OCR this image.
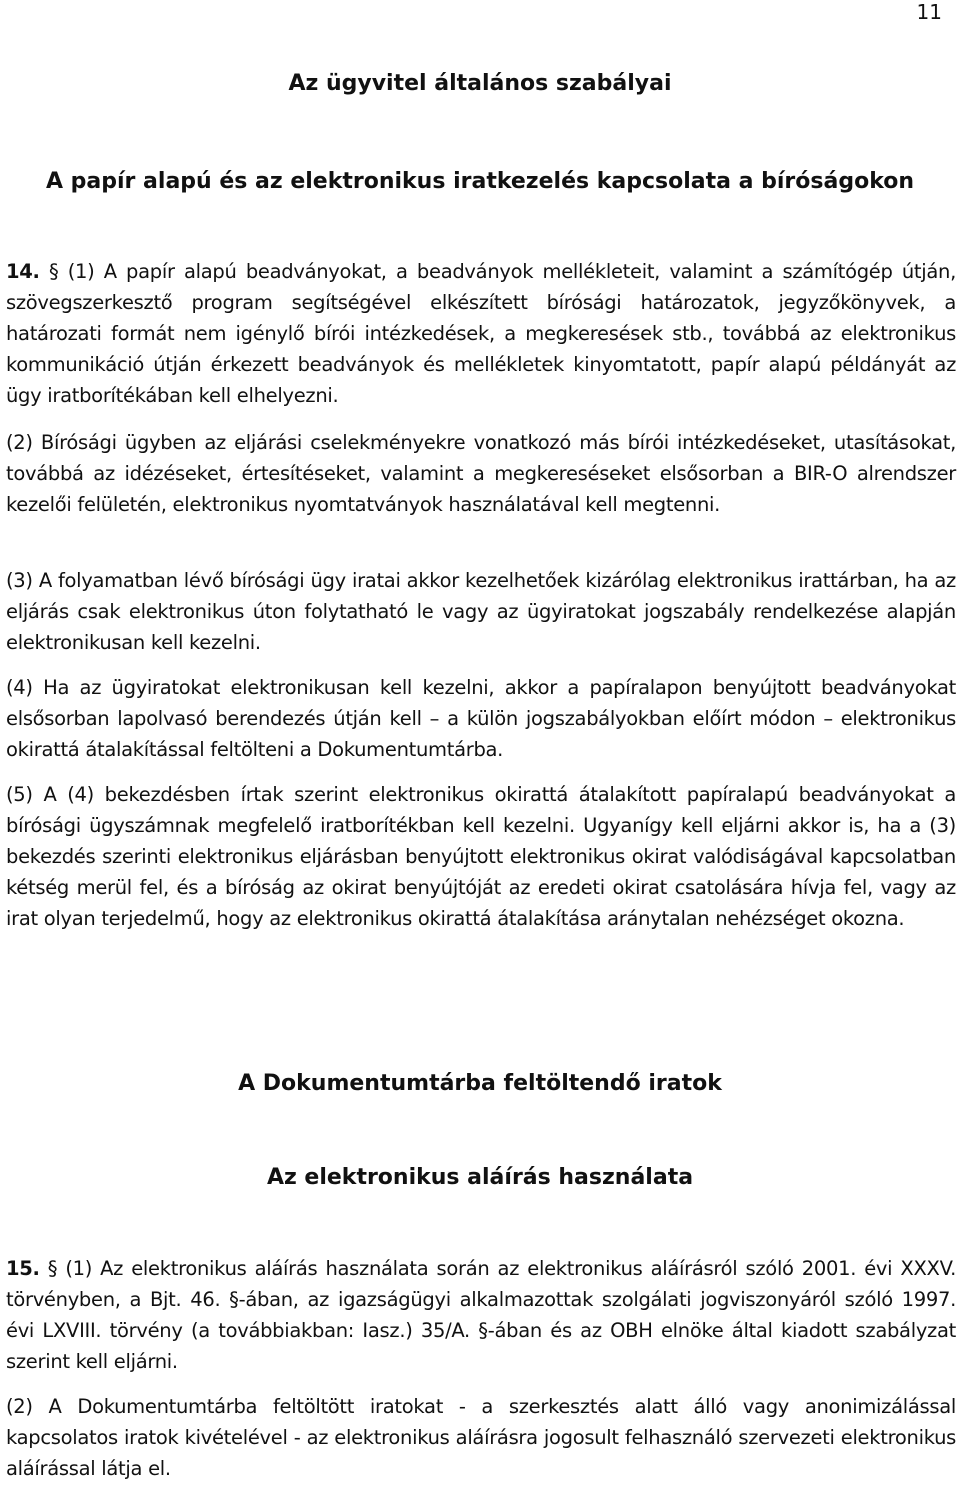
11
Az ügyvitel általános szabályai
A papír alapú és az elektronikus iratkezelés kapcsolata a bíróságokon

14. § (1) A papír alapú beadványokat, a beadványok mellékleteit, valamint a számítógép útján, szövegszerkesztő program segítségével elkészített bírósági határozatok, jegyzőkönyvek, a határozati formát nem igénylő bírói intézkedések, a megkeresések stb., továbbá az elektronikus kommunikáció útján érkezett beadványok és mellékletek kinyomtatott, papír alapú példányát az ügy iratborítékában kell elhelyezni.

(2) Bírósági ügyben az eljárási cselekményekre vonatkozó más bírói intézkedéseket, utasításokat, továbbá az idézéseket, értesítéseket, valamint a megkereséseket elsősorban a BIR-O alrendszer kezelői felületén, elektronikus nyomtatványok használatával kell megtenni.

(3) A folyamatban lévő bírósági ügy iratai akkor kezelhetőek kizárólag elektronikus irattárban, ha az eljárás csak elektronikus úton folytatható le vagy az ügyiratokat jogszabály rendelkezése alapján elektronikusan kell kezelni.

(4) Ha az ügyiratokat elektronikusan kell kezelni, akkor a papíralapon benyújtott beadványokat elsősorban lapolvasó berendezés útján kell – a külön jogszabályokban előírt módon – elektronikus okirattá átalakítással feltölteni a Dokumentumtárba.

(5) A (4) bekezdésben írtak szerint elektronikus okirattá átalakított papíralapú beadványokat a bírósági ügyszámnak megfelelő iratborítékban kell kezelni. Ugyanígy kell eljárni akkor is, ha a (3) bekezdés szerinti elektronikus eljárásban benyújtott elektronikus okirat valódiságával kapcsolatban kétség merül fel, és a bíróság az okirat benyújtóját az eredeti okirat csatolására hívja fel, vagy az irat olyan terjedelmű, hogy az elektronikus okirattá átalakítása aránytalan nehézséget okozna.

A Dokumentumtárba feltöltendő iratok
Az elektronikus aláírás használata

15. § (1) Az elektronikus aláírás használata során az elektronikus aláírásról szóló 2001. évi XXXV. törvényben, a Bjt. 46. §-ában, az igazságügyi alkalmazottak szolgálati jogviszonyáról szóló 1997. évi LXVIII. törvény (a továbbiakban: Iasz.) 35/A. §-ában és az OBH elnöke által kiadott szabályzat szerint kell eljárni.

(2) A Dokumentumtárba feltöltött iratokat - a szerkesztés alatt álló vagy anonimizálással kapcsolatos iratok kivételével - az elektronikus aláírásra jogosult felhasználó szervezeti elektronikus aláírással látja el.
